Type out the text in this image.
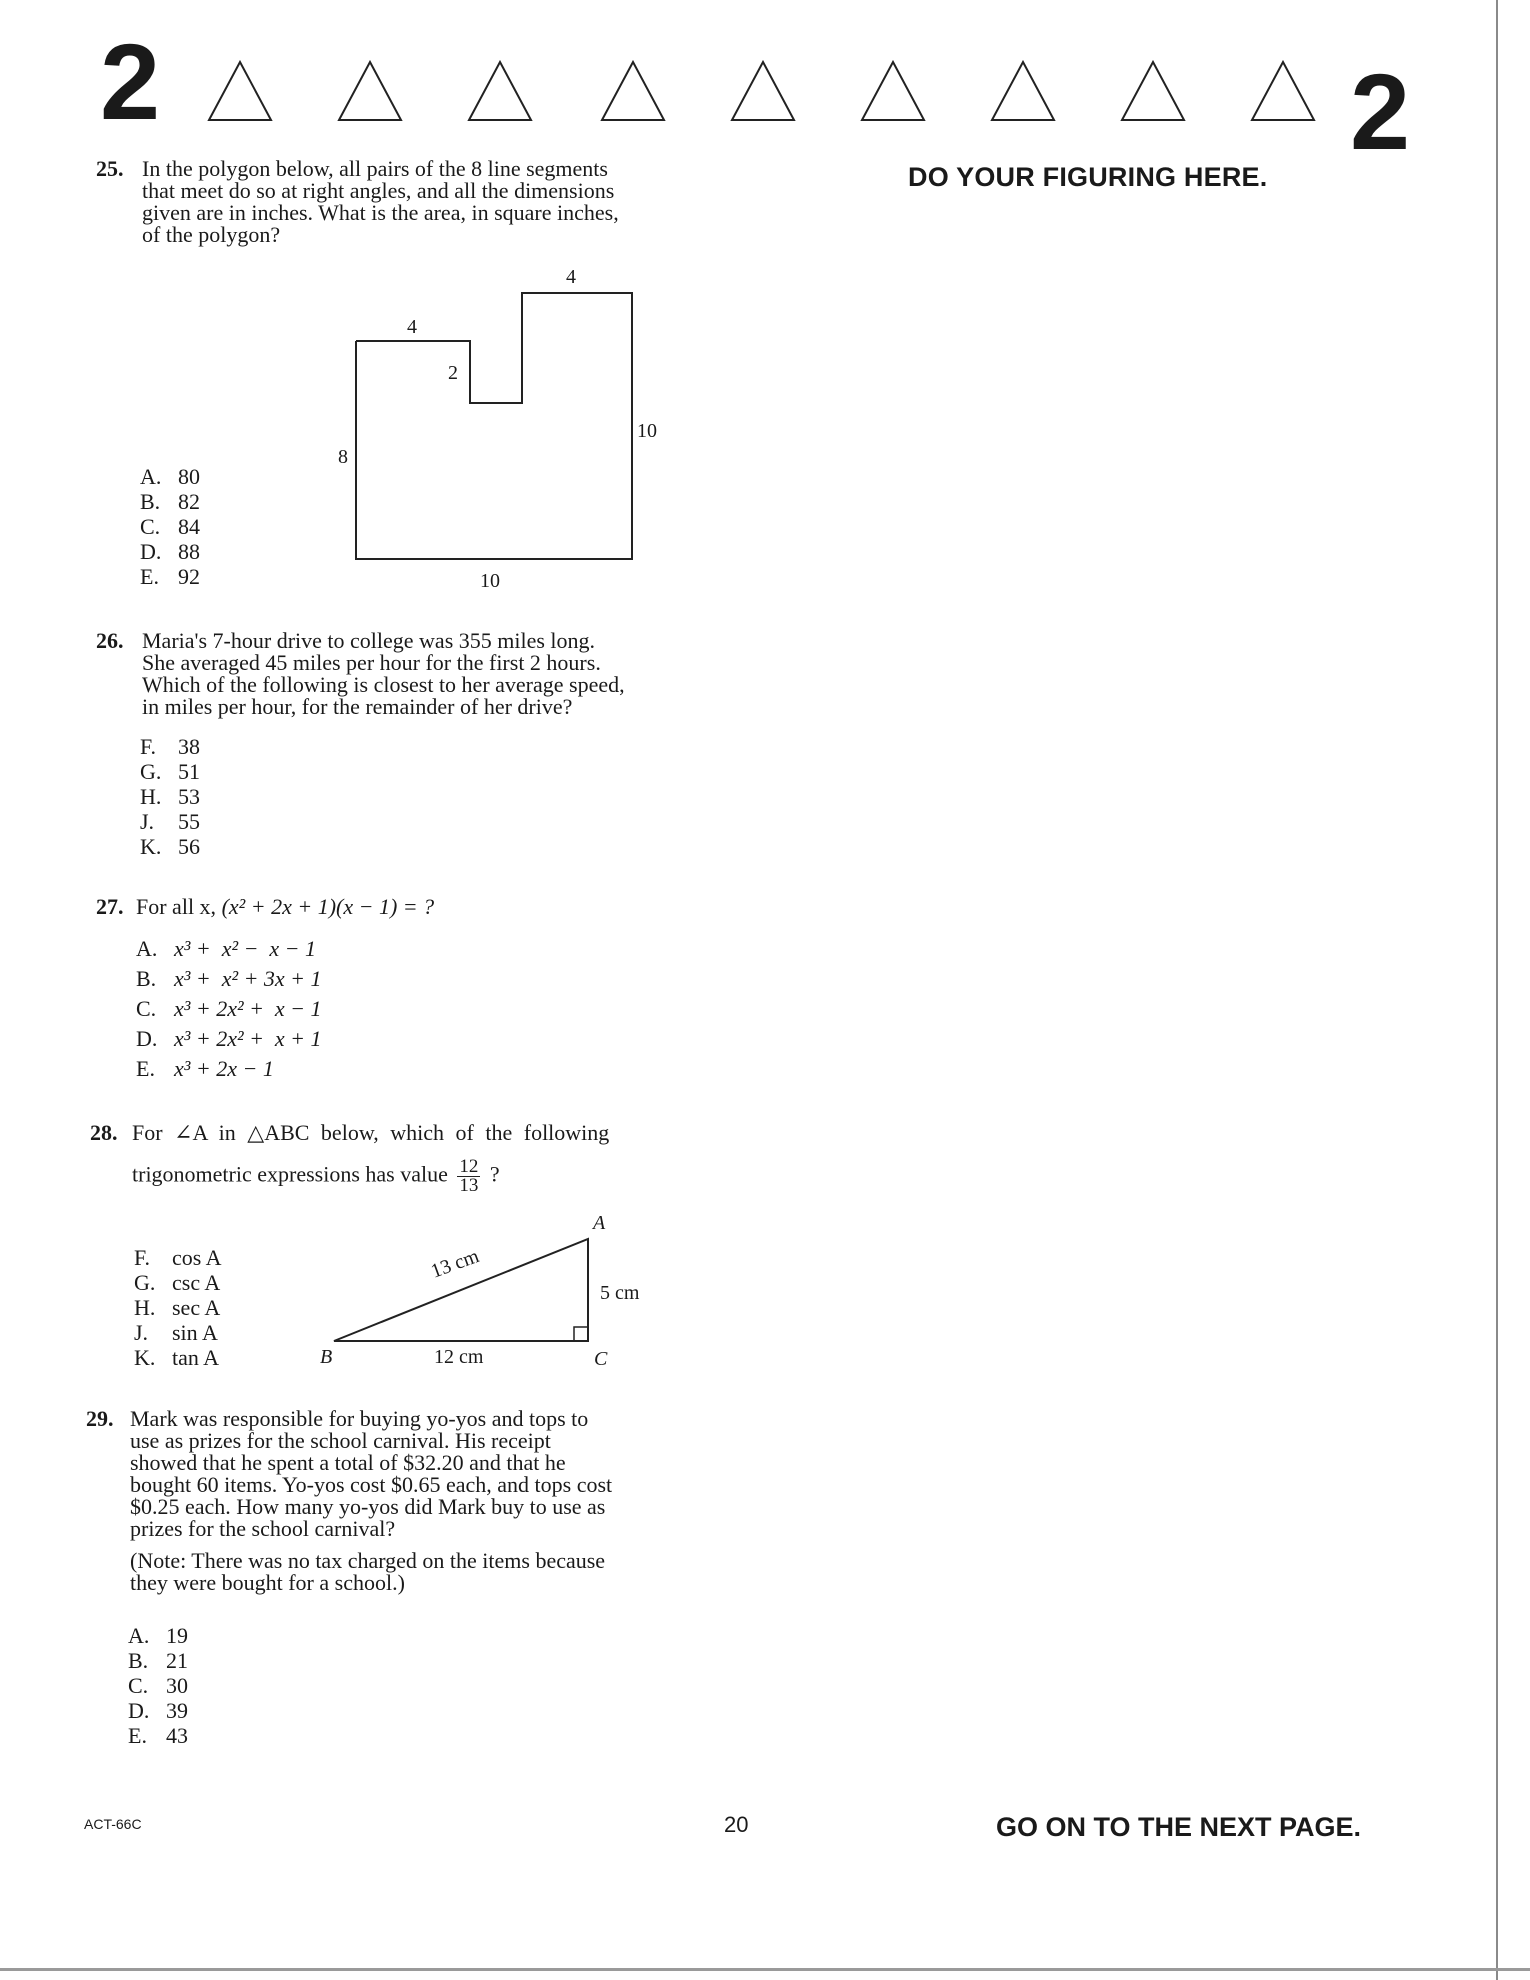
2	2
DO YOUR FIGURING HERE.
25. In the polygon below, all pairs of the 8 line segments
that meet do so at right angles, and all the dimensions
given are in inches. What is the area, in square inches,
of the polygon?
4
4
2
10
8
10
A. 80
B. 82
C. 84
D. 88
E. 92
26. Maria's 7-hour drive to college was 355 miles long.
She averaged 45 miles per hour for the first 2 hours.
Which of the following is closest to her average speed,
in miles per hour, for the remainder of her drive?
F. 38
G. 51
H. 53
J. 55
K. 56
27. For all x, (x² + 2x + 1)(x − 1) = ?
A. x³ +  x² −  x − 1
B. x³ +  x² + 3x + 1
C. x³ + 2x² +  x − 1
D. x³ + 2x² +  x + 1
E. x³ + 2x − 1
28. For ∠A in △ABC below, which of the following
trigonometric expressions has value $\frac{12}{13}$ ?
A
B	C
13 cm
5 cm
12 cm
F. cos A
G. csc A
H. sec A
J. sin A
K. tan A
29. Mark was responsible for buying yo-yos and tops to
use as prizes for the school carnival. His receipt
showed that he spent a total of $32.20 and that he
bought 60 items. Yo-yos cost $0.65 each, and tops cost
$0.25 each. How many yo-yos did Mark buy to use as
prizes for the school carnival?
(Note: There was no tax charged on the items because
they were bought for a school.)
A. 19
B. 21
C. 30
D. 39
E. 43
ACT-66C	20	GO ON TO THE NEXT PAGE.
